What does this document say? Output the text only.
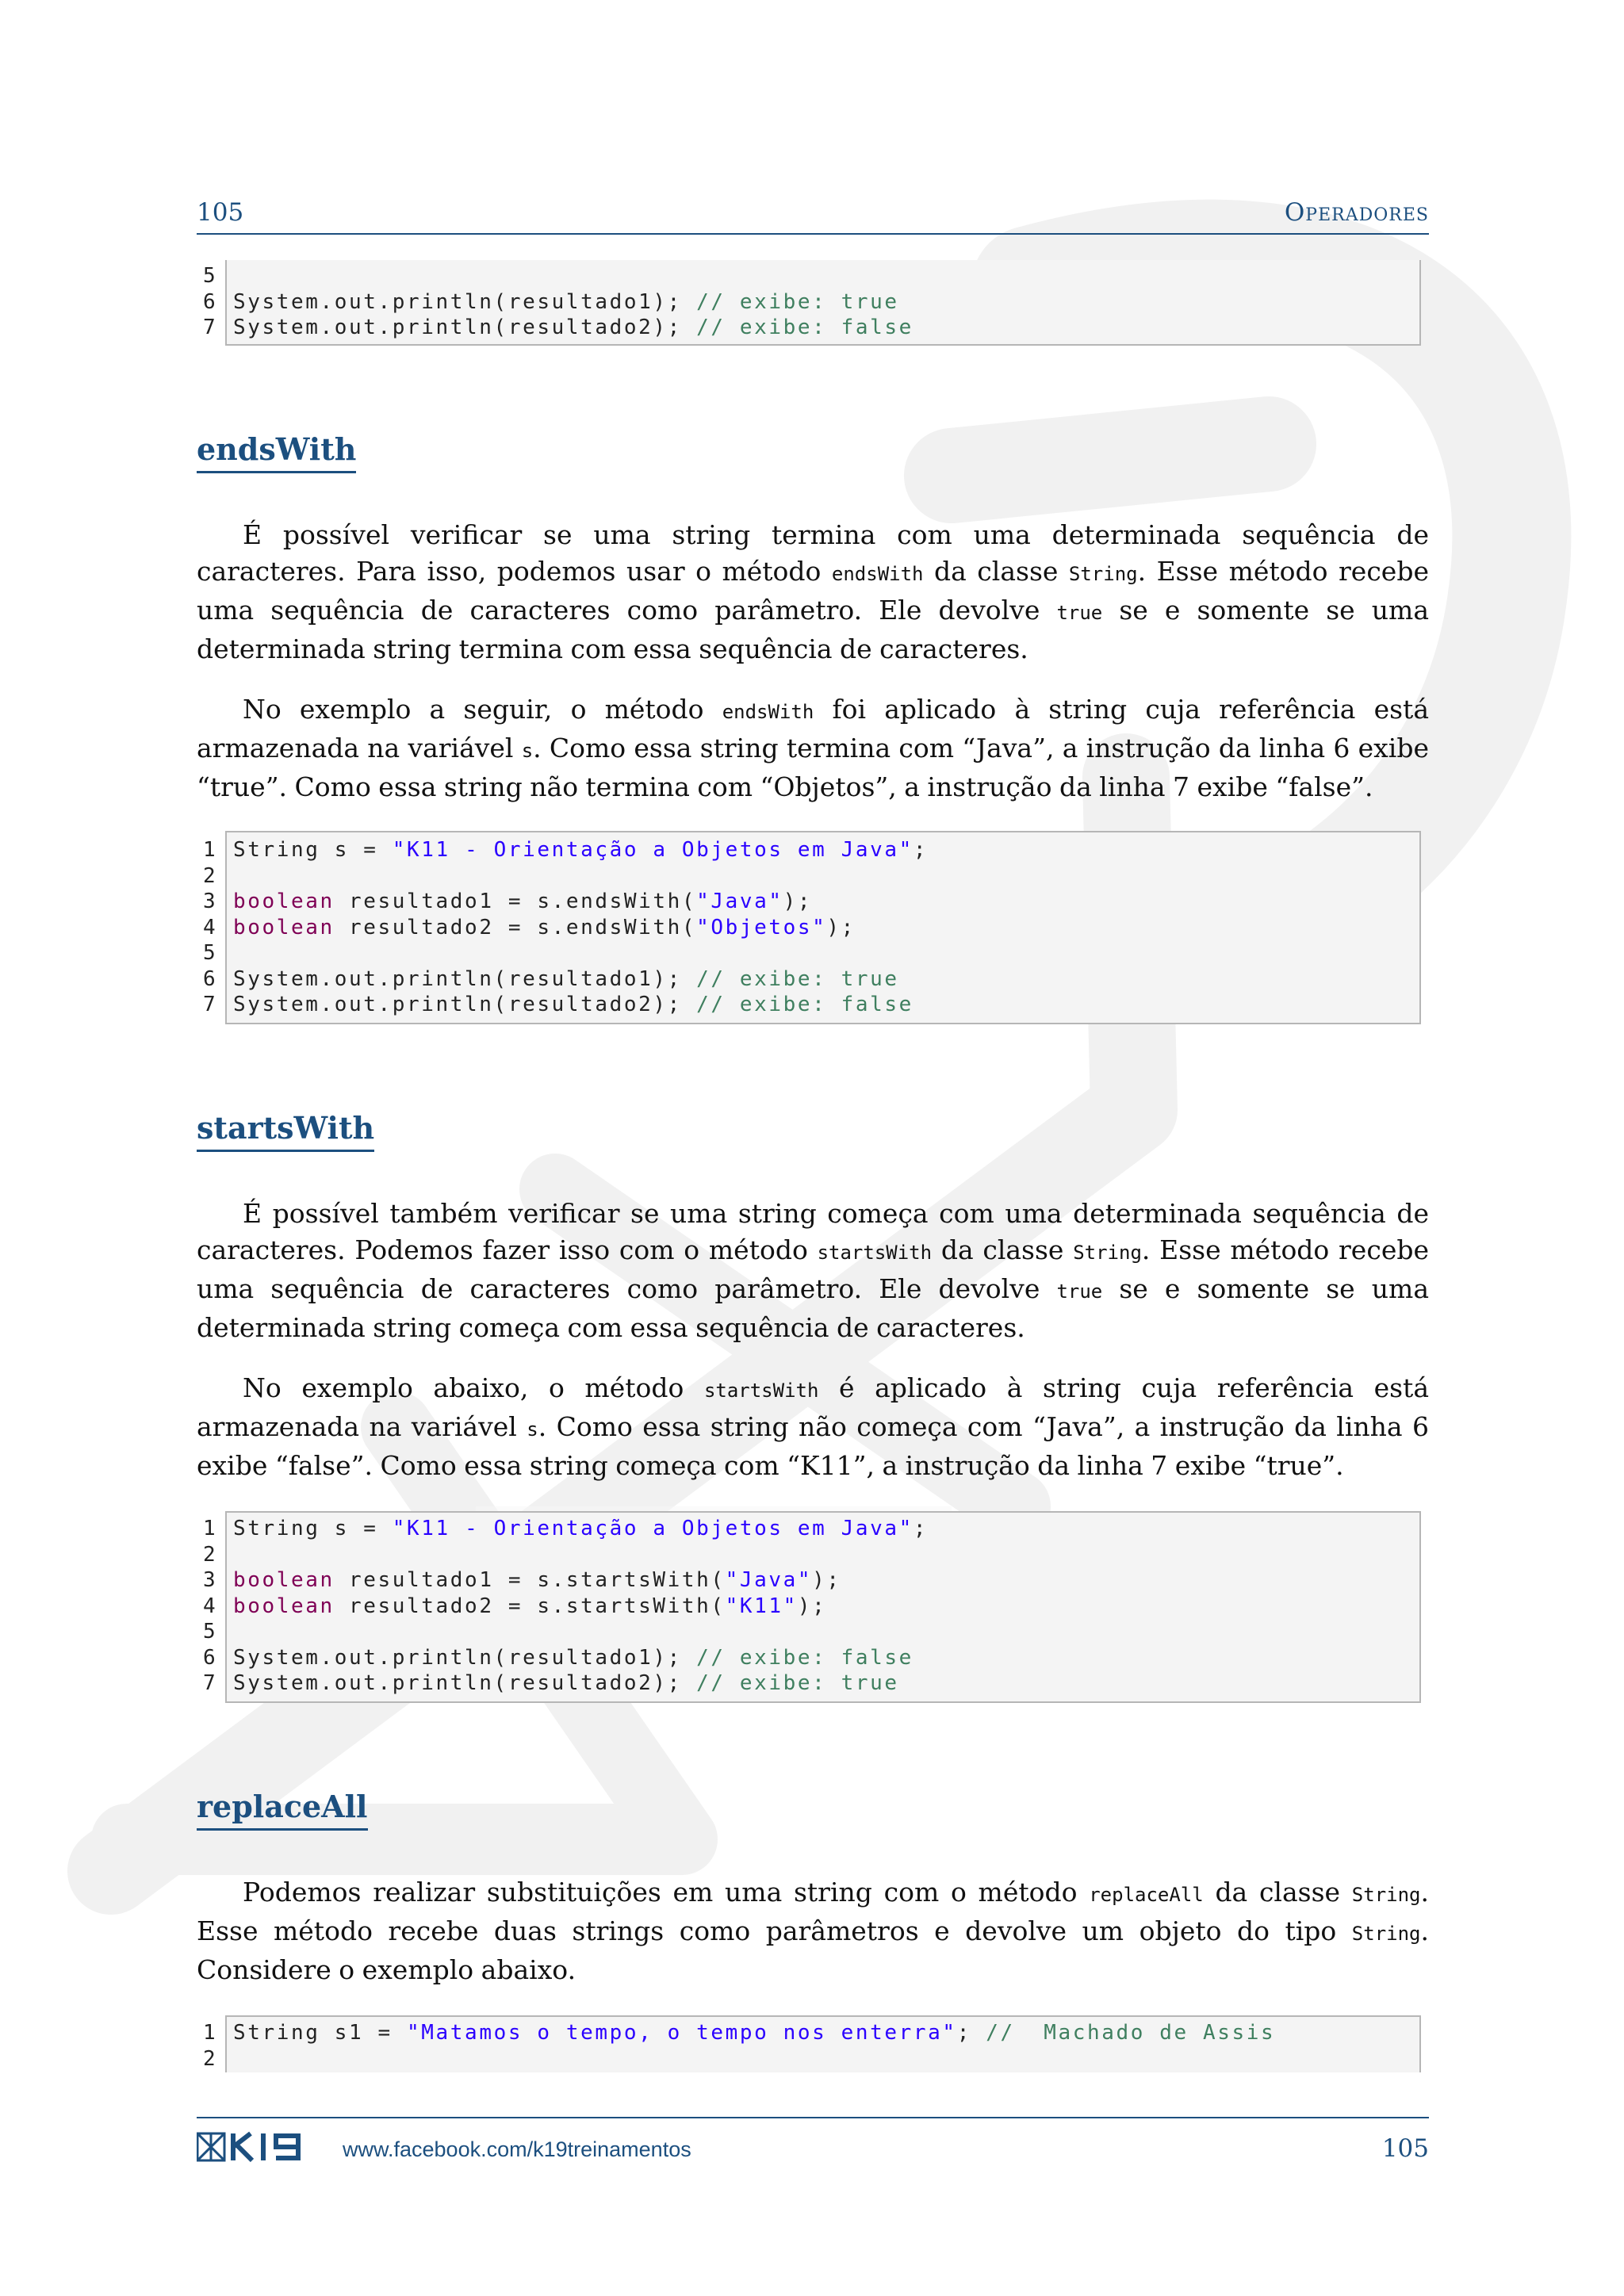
105	Operadores
5
6 System.out.println(resultado1); // exibe: true
7 System.out.println(resultado2); // exibe: false
endsWith
É possível verificar se uma string termina com uma determinada sequência de caracteres. Para isso, podemos usar o método endsWith da classe String. Esse método recebe uma sequência de caracteres como parâmetro. Ele devolve true se e somente se uma determinada string termina com essa sequência de caracteres.
No exemplo a seguir, o método endsWith foi aplicado à string cuja referência está armazenada na variável s. Como essa string termina com “Java”, a instrução da linha 6 exibe “true”. Como essa string não termina com “Objetos”, a instrução da linha 7 exibe “false”.
1 String s = "K11 - Orientação a Objetos em Java";
2
3 boolean resultado1 = s.endsWith("Java");
4 boolean resultado2 = s.endsWith("Objetos");
5
6 System.out.println(resultado1); // exibe: true
7 System.out.println(resultado2); // exibe: false
startsWith
É possível também verificar se uma string começa com uma determinada sequência de caracteres. Podemos fazer isso com o método startsWith da classe String. Esse método recebe uma sequência de caracteres como parâmetro. Ele devolve true se e somente se uma determinada string começa com essa sequência de caracteres.
No exemplo abaixo, o método startsWith é aplicado à string cuja referência está armazenada na variável s. Como essa string não começa com “Java”, a instrução da linha 6 exibe “false”. Como essa string começa com “K11”, a instrução da linha 7 exibe “true”.
1 String s = "K11 - Orientação a Objetos em Java";
2
3 boolean resultado1 = s.startsWith("Java");
4 boolean resultado2 = s.startsWith("K11");
5
6 System.out.println(resultado1); // exibe: false
7 System.out.println(resultado2); // exibe: true
replaceAll
Podemos realizar substituições em uma string com o método replaceAll da classe String. Esse método recebe duas strings como parâmetros e devolve um objeto do tipo String. Considere o exemplo abaixo.
1 String s1 = "Matamos o tempo, o tempo nos enterra"; //  Machado de Assis
2
www.facebook.com/k19treinamentos	105
